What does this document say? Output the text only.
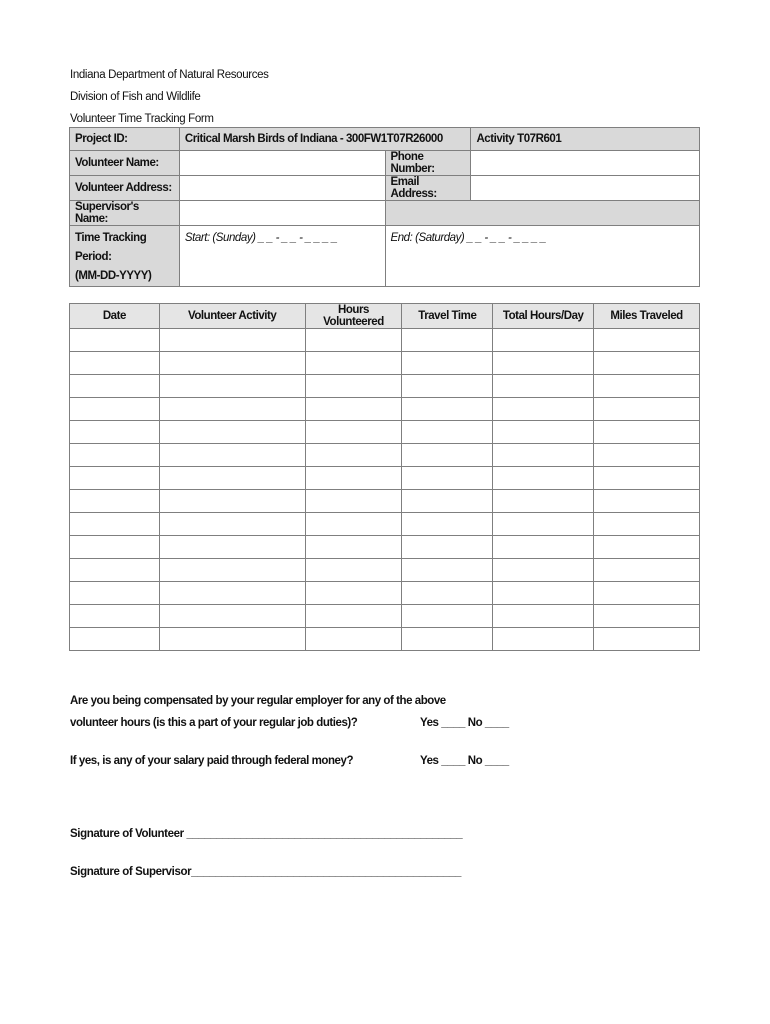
Indiana Department of Natural Resources
Division of Fish and Wildlife
Volunteer Time Tracking Form
Project ID:	Critical Marsh Birds of Indiana - 300FW1T07R26000		Activity T07R601
Volunteer Name:		Phone Number:	
Volunteer Address:		Email Address:	
Supervisor's Name:			

Time Tracking Period:
(MM-DD-YYYY)	Start: (Sunday) _ _ - _ _ - _ _ _ _	End: (Saturday) _ _ - _ _ - _ _ _ _	
Date	Volunteer Activity	Hours Volunteered	Travel Time	Total Hours/Day	Miles Traveled

Are you being compensated by your regular employer for any of the above
volunteer hours (is this a part of your regular job duties)?	Yes ____ No ____
If yes, is any of your salary paid through federal money?	Yes ____ No ____
Signature of Volunteer ______________________________________________
Signature of Supervisor_____________________________________________
